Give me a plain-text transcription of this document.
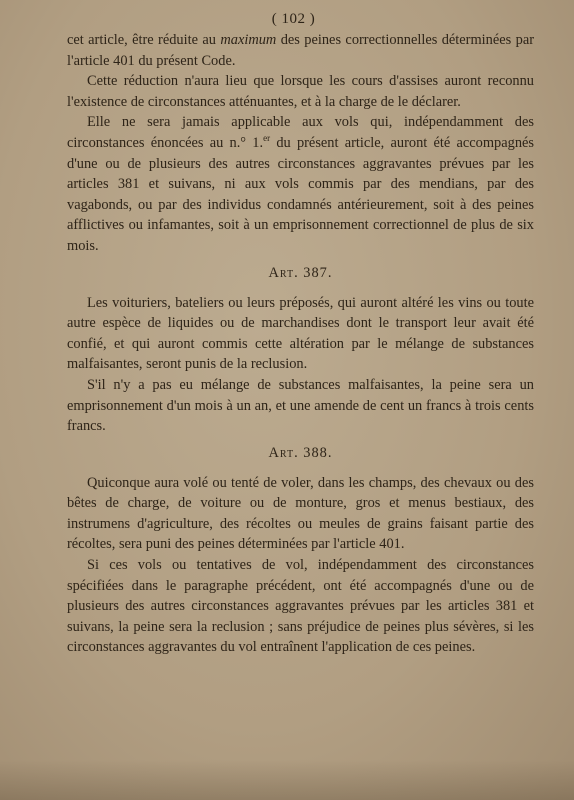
( 102 )

cet article, être réduite au maximum des peines correctionnelles déterminées par l'article 401 du présent Code.

Cette réduction n'aura lieu que lorsque les cours d'assises auront reconnu l'existence de circonstances atténuantes, et à la charge de le déclarer.

Elle ne sera jamais applicable aux vols qui, indépendamment des circonstances énoncées au n.° 1.$^{er}$ du présent article, auront été accompagnés d'une ou de plusieurs des autres circonstances aggravantes prévues par les articles 381 et suivans, ni aux vols commis par des mendians, par des vagabonds, ou par des individus condamnés antérieurement, soit à des peines afflictives ou infamantes, soit à un emprisonnement correctionnel de plus de six mois.

Art. 387.

Les voituriers, bateliers ou leurs préposés, qui auront altéré les vins ou toute autre espèce de liquides ou de marchandises dont le transport leur avait été confié, et qui auront commis cette altération par le mélange de substances malfaisantes, seront punis de la reclusion.

S'il n'y a pas eu mélange de substances malfaisantes, la peine sera un emprisonnement d'un mois à un an, et une amende de cent un francs à trois cents francs.

Art. 388.

Quiconque aura volé ou tenté de voler, dans les champs, des chevaux ou des bêtes de charge, de voiture ou de monture, gros et menus bestiaux, des instrumens d'agriculture, des récoltes ou meules de grains faisant partie des récoltes, sera puni des peines déterminées par l'article 401.

Si ces vols ou tentatives de vol, indépendamment des circonstances spécifiées dans le paragraphe précédent, ont été accompagnés d'une ou de plusieurs des autres circonstances aggravantes prévues par les articles 381 et suivans, la peine sera la reclusion ; sans préjudice de peines plus sévères, si les circonstances aggravantes du vol entraînent l'application de ces peines.
